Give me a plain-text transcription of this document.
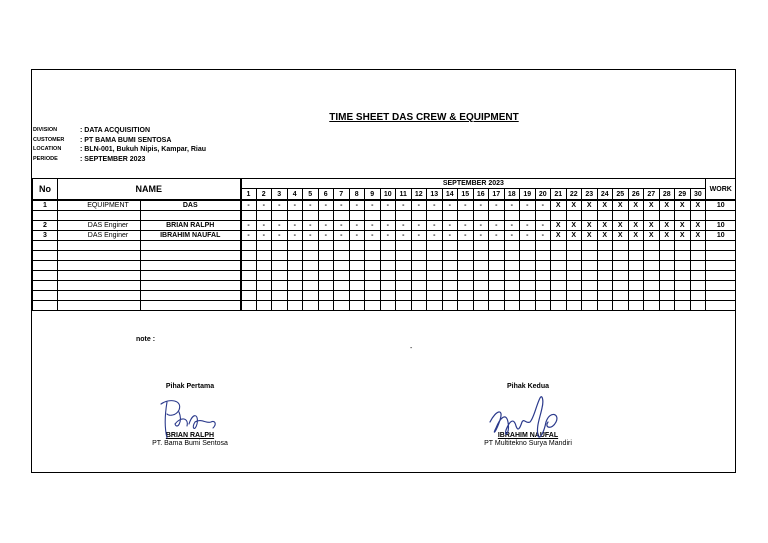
TIME SHEET DAS CREW & EQUIPMENT
DIVISION	: DATA ACQUISITION
CUSTOMER	: PT BAMA BUMI SENTOSA
LOCATION	: BLN-001, Bukuh Nipis, Kampar, Riau
PERIODE	: SEPTEMBER 2023
No	NAME		SEPTEMBER 2023																														WORK
			1	2	3	4	5	6	7	8	9	10	11	12	13	14	15	16	17	18	19	20	21	22	23	24	25	26	27	28	29	30	
1	EQUIPMENT	DAS	-	-	-	-	-	-	-	-	-	-	-	-	-	-	-	-	-	-	-	-	X	X	X	X	X	X	X	X	X	X	10

2	DAS Enginer	BRIAN RALPH	-	-	-	-	-	-	-	-	-	-	-	-	-	-	-	-	-	-	-	-	X	X	X	X	X	X	X	X	X	X	10
3	DAS Enginer	IBRAHIM NAUFAL	-	-	-	-	-	-	-	-	-	-	-	-	-	-	-	-	-	-	-	-	X	X	X	X	X	X	X	X	X	X	10

note :
-
Pihak Pertama
BRIAN RALPH
PT. Bama Bumi Sentosa
Pihak Kedua
IBRAHIM NAUFAL
PT Multitekno Surya Mandiri
